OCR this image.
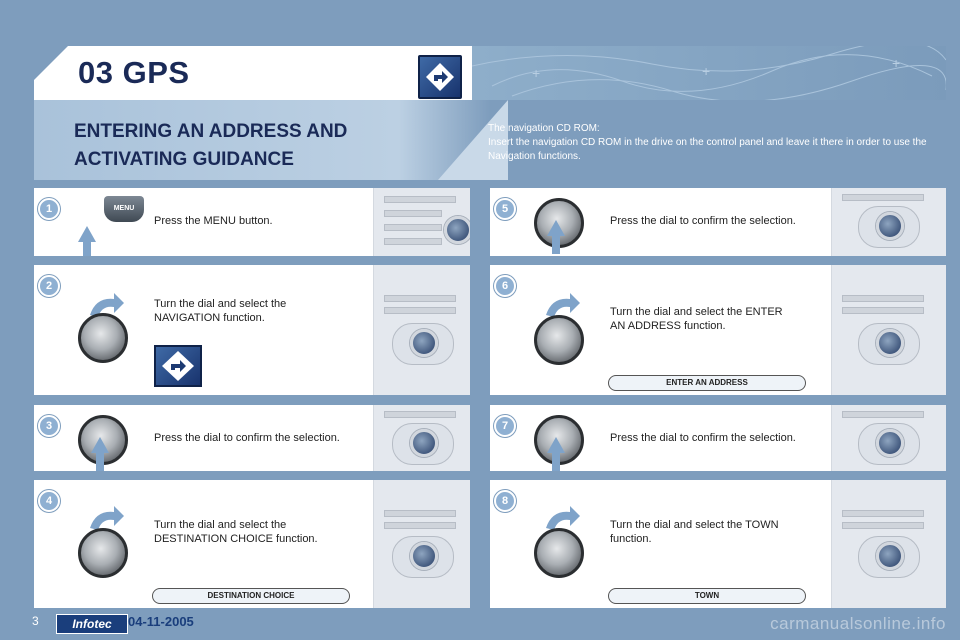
03 GPS	+	+	+
ENTERING AN ADDRESS AND ACTIVATING GUIDANCE
The navigation CD ROM:
Insert the navigation CD ROM in the drive on the control panel and leave it there in order to use the Navigation functions.
1	MENU
Press the MENU button.
2
Turn the dial and select the NAVIGATION function.
3
Press the dial to confirm the selection.
4
Turn the dial and select the DESTINATION CHOICE function.
DESTINATION CHOICE
5
Press the dial to confirm the selection.
6
Turn the dial and select the ENTER AN ADDRESS function.
ENTER AN ADDRESS
7
Press the dial to confirm the selection.
8
Turn the dial and select the TOWN function.
TOWN
3	Infotec	04-11-2005	carmanualsonline.info
